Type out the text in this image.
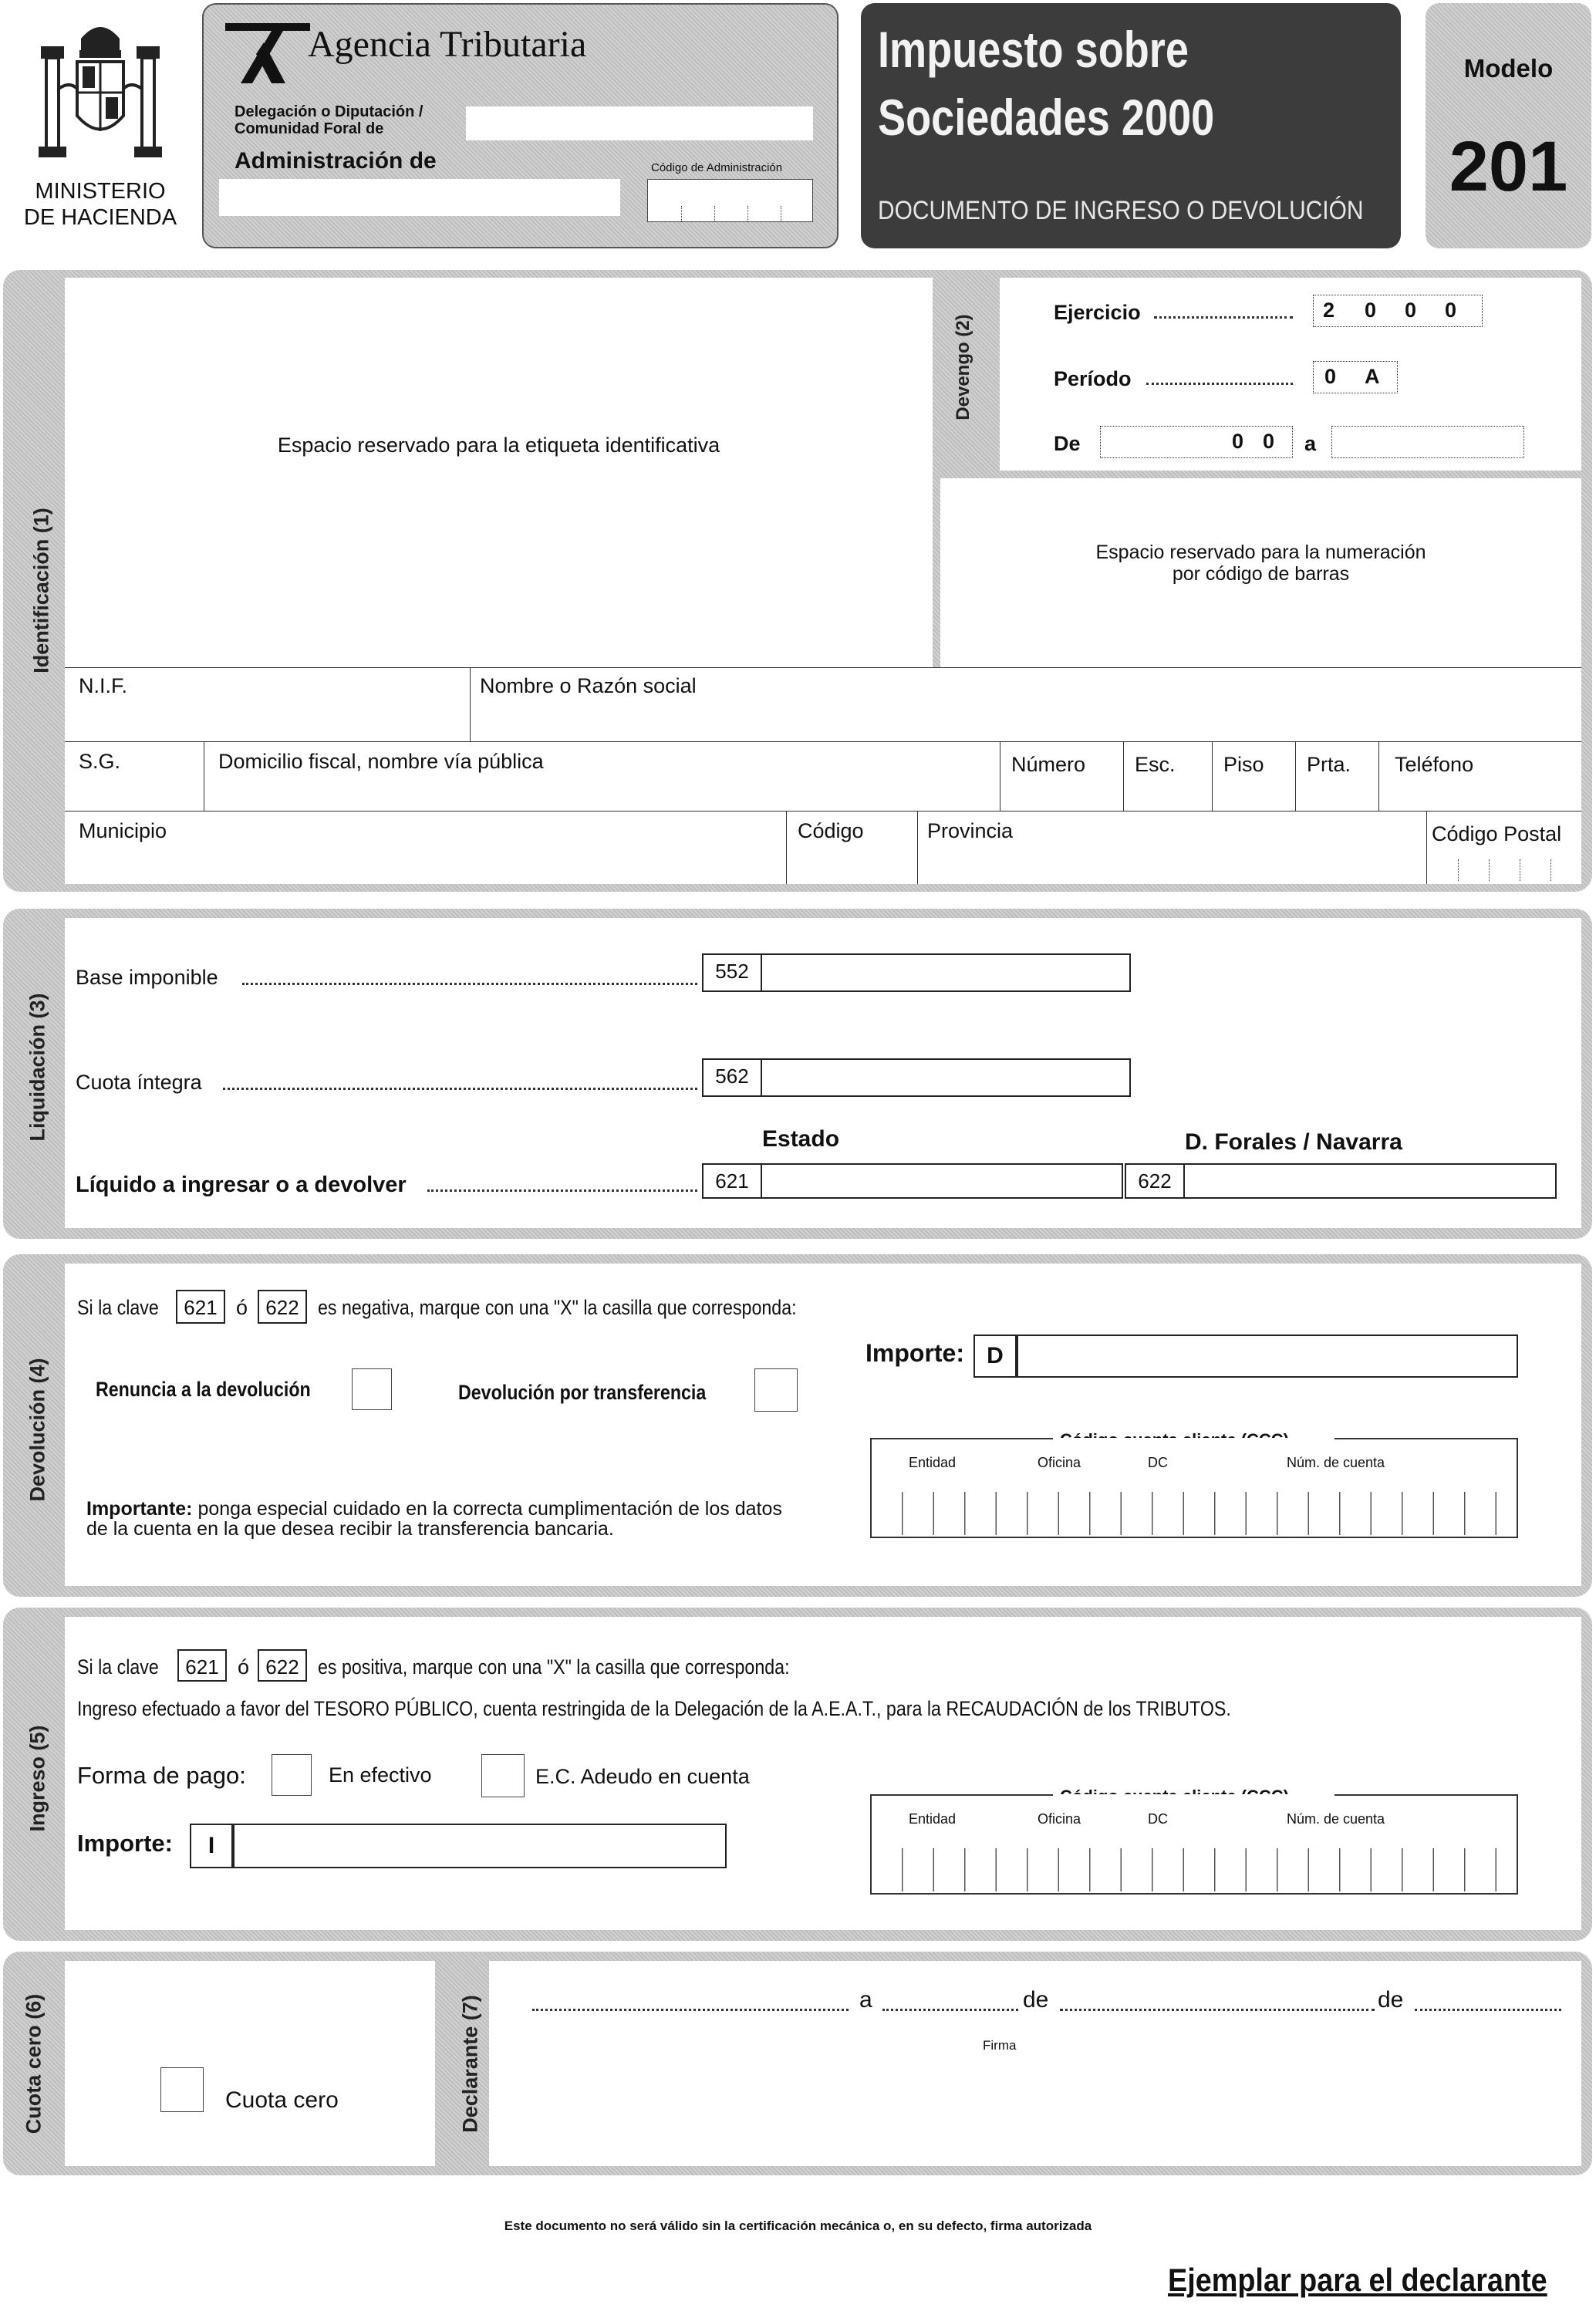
MINISTERIO
DE HACIENDA
Agencia Tributaria
Delegación o Diputación /
Comunidad Foral de
Administración de	Código de Administración
Impuesto sobre
Sociedades 2000
DOCUMENTO DE INGRESO O DEVOLUCIÓN
Modelo
201
Identificación (1)
Espacio reservado para la etiqueta identificativa
Devengo (2)
Ejercicio	2 0 0 0
Período	0 A
De	0 0 a
Espacio reservado para la numeración
por código de barras
N.I.F.	Nombre o Razón social
S.G.	Domicilio fiscal, nombre vía pública	Número Esc. Piso Prta. Teléfono
Municipio	Código	Provincia	Código Postal
Liquidación (3)
Base imponible	552
Cuota íntegra	562
Estado	D. Forales / Navarra
Líquido a ingresar o a devolver	621	622
Devolución (4)
Si la clave	621 ó 622 es negativa, marque con una "X" la casilla que corresponda:
Importe: D
Renuncia a la devolución	Devolución por transferencia
Entidad	Oficina	DC	Núm. de cuenta
Importante: ponga especial cuidado en la correcta cumplimentación de los datos
de la cuenta en la que desea recibir la transferencia bancaria.
Ingreso (5)
Si la clave	621 ó 622 es positiva, marque con una "X" la casilla que corresponda:
Ingreso efectuado a favor del TESORO PÚBLICO, cuenta restringida de la Delegación de la A.E.A.T., para la RECAUDACIÓN de los TRIBUTOS.
Forma de pago:	En efectivo	E.C. Adeudo en cuenta
Importe:	I
Entidad	Oficina	DC	Núm. de cuenta
Cuota cero (6)	Cuota cero	Declarante (7)	a	de	de
Firma
Este documento no será válido sin la certificación mecánica o, en su defecto, firma autorizada
Ejemplar para el declarante
